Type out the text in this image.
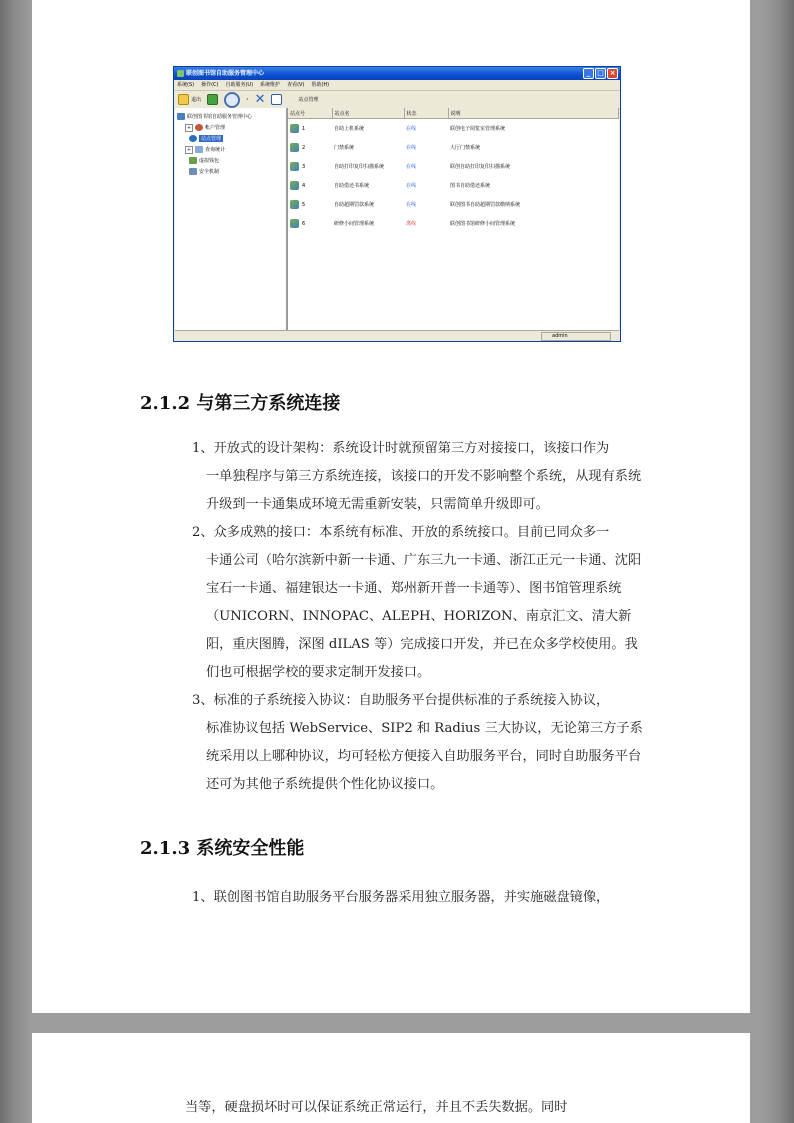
联创图书馆自助服务管理中心	_ □ ×
系统(S) 操作(C) 自助服务(U) 系统维护 查看(V) 帮助(H)
退出	· ✕	站点管理
联创图书馆自助服务管理中心
+	帐户管理
站点管理
+	查询统计
虚拟钱包
安全机制
站点号	站点名	状态	说明

1	自助上机系统	在线	联创电子阅览室管理系统

2	门禁系统	在线	大厅门禁系统

3	自助打印复印扫描系统	在线	联创自助打印复印扫描系统

4	自助借还书系统	在线	图书自助借还系统

5	自助超期罚款系统	在线	联创图书自助超期罚款缴纳系统

6	研修小间管理系统	离线	联创图书馆研修小间管理系统
admin
2.1.2 与第三方系统连接
1、开放式的设计架构：系统设计时就预留第三方对接接口，该接口作为
一单独程序与第三方系统连接，该接口的开发不影响整个系统，从现有系统升级到一卡通集成环境无需重新安装，只需简单升级即可。
2、众多成熟的接口：本系统有标准、开放的系统接口。目前已同众多一
卡通公司（哈尔滨新中新一卡通、广东三九一卡通、浙江正元一卡通、沈阳宝石一卡通、福建银达一卡通、郑州新开普一卡通等）、图书馆管理系统（UNICORN、INNOPAC、ALEPH、HORIZON、南京汇文、清大新阳，重庆图腾，深图 dILAS 等）完成接口开发，并已在众多学校使用。我们也可根据学校的要求定制开发接口。
3、标准的子系统接入协议：自助服务平台提供标准的子系统接入协议，
标准协议包括 WebService、SIP2 和 Radius 三大协议，无论第三方子系统采用以上哪种协议，均可轻松方便接入自助服务平台，同时自助服务平台还可为其他子系统提供个性化协议接口。
2.1.3 系统安全性能
1、联创图书馆自助服务平台服务器采用独立服务器，并实施磁盘镜像，
当等，硬盘损坏时可以保证系统正常运行，并且不丢失数据。同时
